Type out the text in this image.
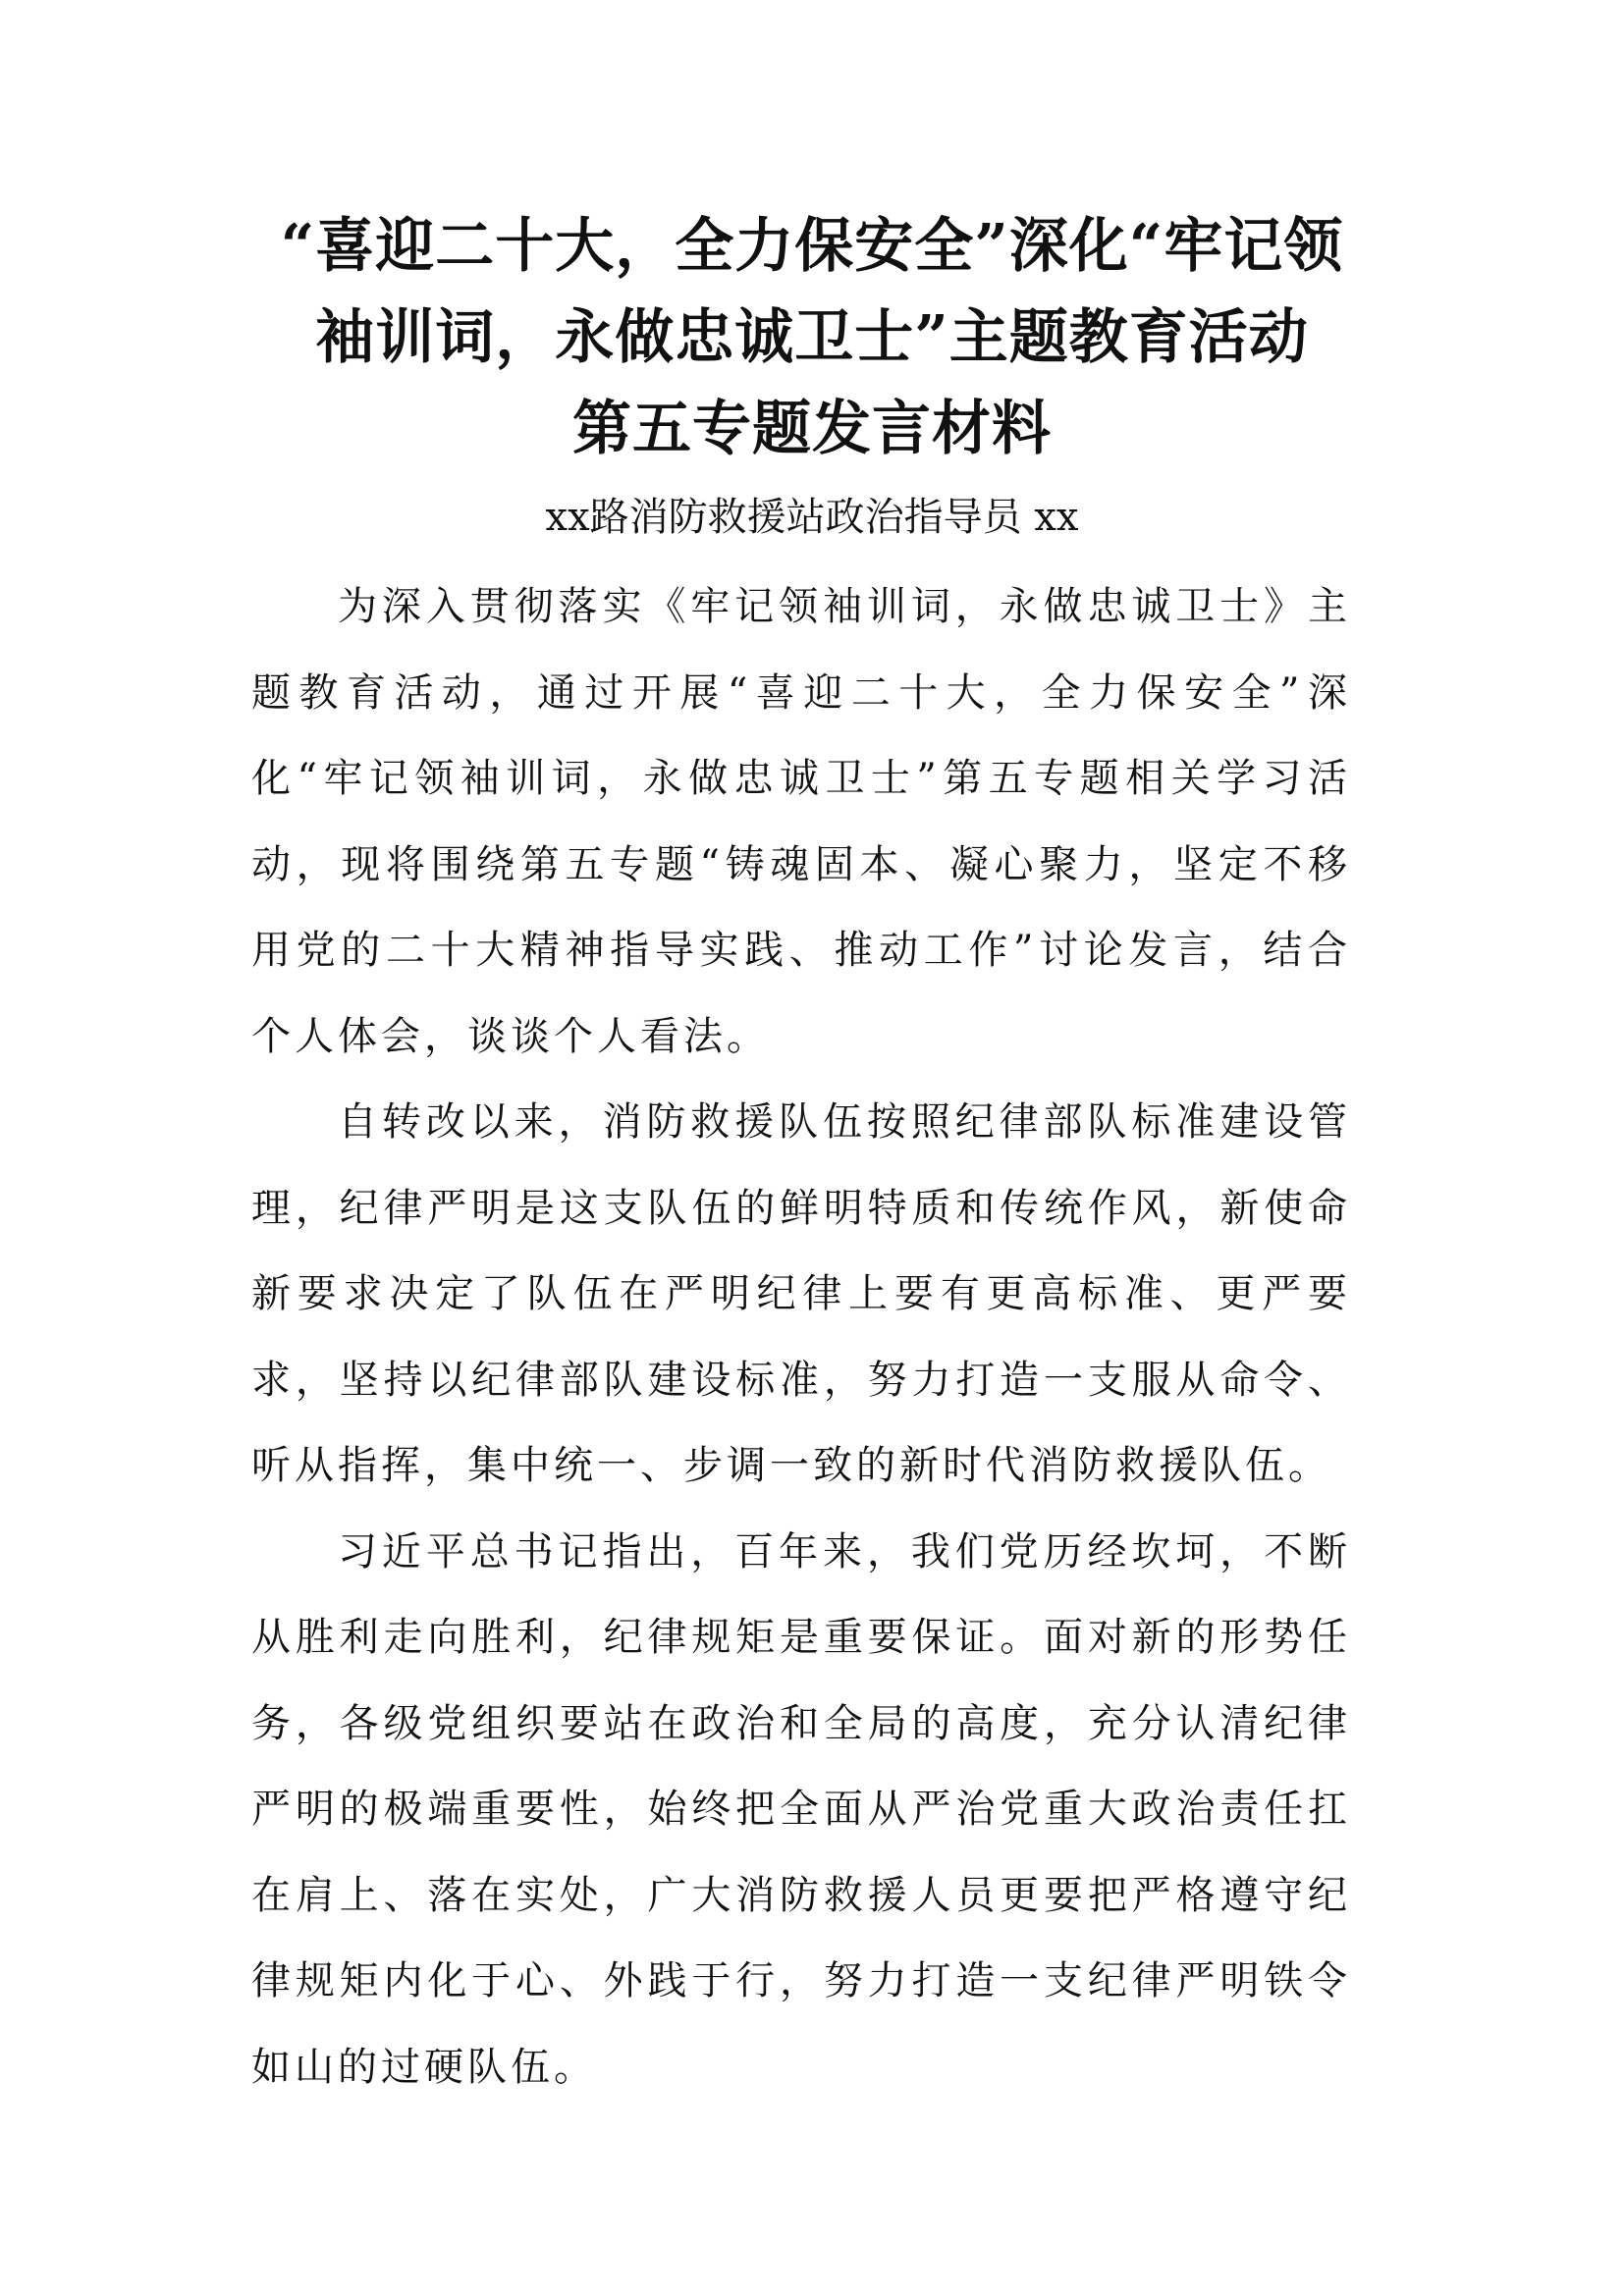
“喜迎二十大，全力保安全”深化“牢记领
袖训词，永做忠诚卫士”主题教育活动
第五专题发言材料
xx路消防救援站政治指导员 xx

为深入贯彻落实《牢记领袖训词，永做忠诚卫士》主题教育活动，通过开展“喜迎二十大，全力保安全”深化“牢记领袖训词，永做忠诚卫士”第五专题相关学习活动，现将围绕第五专题“铸魂固本、凝心聚力，坚定不移用党的二十大精神指导实践、推动工作”讨论发言，结合个人体会，谈谈个人看法。

自转改以来，消防救援队伍按照纪律部队标准建设管理，纪律严明是这支队伍的鲜明特质和传统作风，新使命新要求决定了队伍在严明纪律上要有更高标准、更严要求，坚持以纪律部队建设标准，努力打造一支服从命令、听从指挥，集中统一、步调一致的新时代消防救援队伍。

习近平总书记指出，百年来，我们党历经坎坷，不断从胜利走向胜利，纪律规矩是重要保证。面对新的形势任务，各级党组织要站在政治和全局的高度，充分认清纪律严明的极端重要性，始终把全面从严治党重大政治责任扛在肩上、落在实处，广大消防救援人员更要把严格遵守纪律规矩内化于心、外践于行，努力打造一支纪律严明铁令如山的过硬队伍。
